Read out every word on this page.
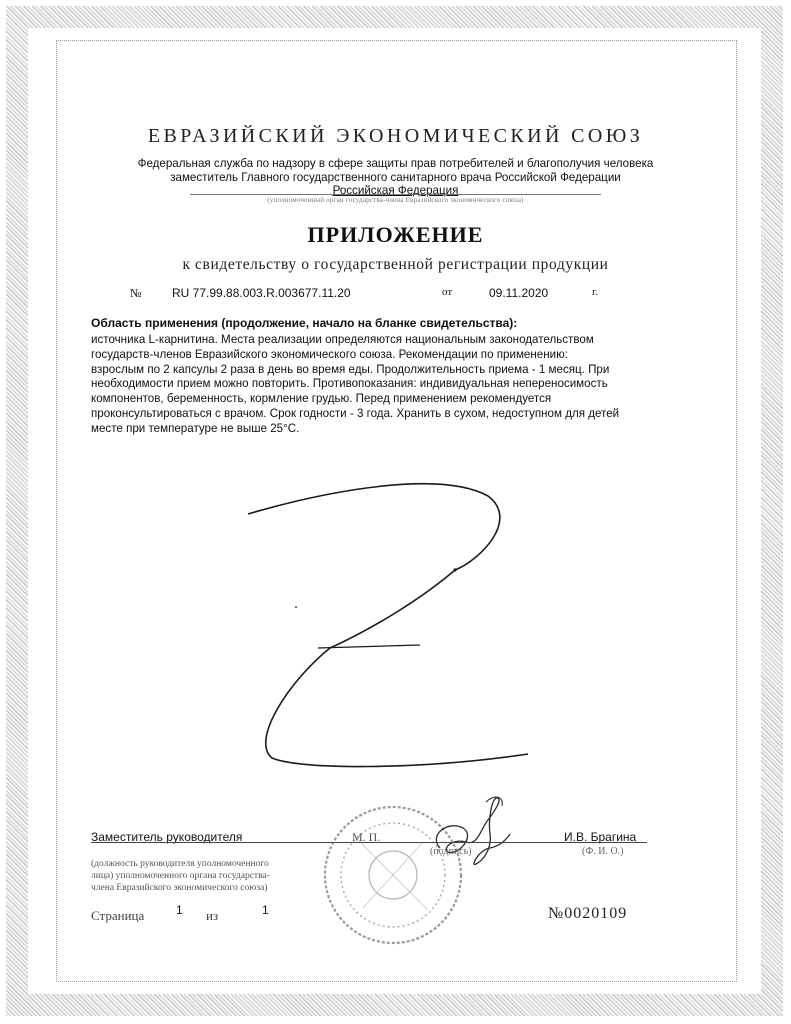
ЕВРАЗИЙСКИЙ ЭКОНОМИЧЕСКИЙ СОЮЗ
Федеральная служба по надзору в сфере защиты прав потребителей и благополучия человека
заместитель Главного государственного санитарного врача Российской Федерации
Российская Федерация
(уполномоченный орган государства-члена Евразийского экономического союза)
ПРИЛОЖЕНИЕ
к свидетельству о государственной регистрации продукции
№	RU 77.99.88.003.R.003677.11.20	от	09.11.2020	г.
Область применения (продолжение, начало на бланке свидетельства):
источника L-карнитина. Места реализации определяются национальным законодательством
государств-членов Евразийского экономического союза. Рекомендации по применению:
взрослым по 2 капсулы 2 раза в день во время еды. Продолжительность приема - 1 месяц. При
необходимости прием можно повторить. Противопоказания: индивидуальная непереносимость
компонентов, беременность, кормление грудью. Перед применением рекомендуется
проконсультироваться с врачом. Срок годности - 3 года. Хранить в сухом, недоступном для детей
месте при температуре не выше 25°С.
Заместитель руководителя	М. П.	И.В. Брагина
(подпись)	(Ф. И. О.)
(должность руководителя уполномоченного
лица) уполномоченного органа государства-
члена Евразийского экономического союза)
Страница	1 из	1	№0020109
